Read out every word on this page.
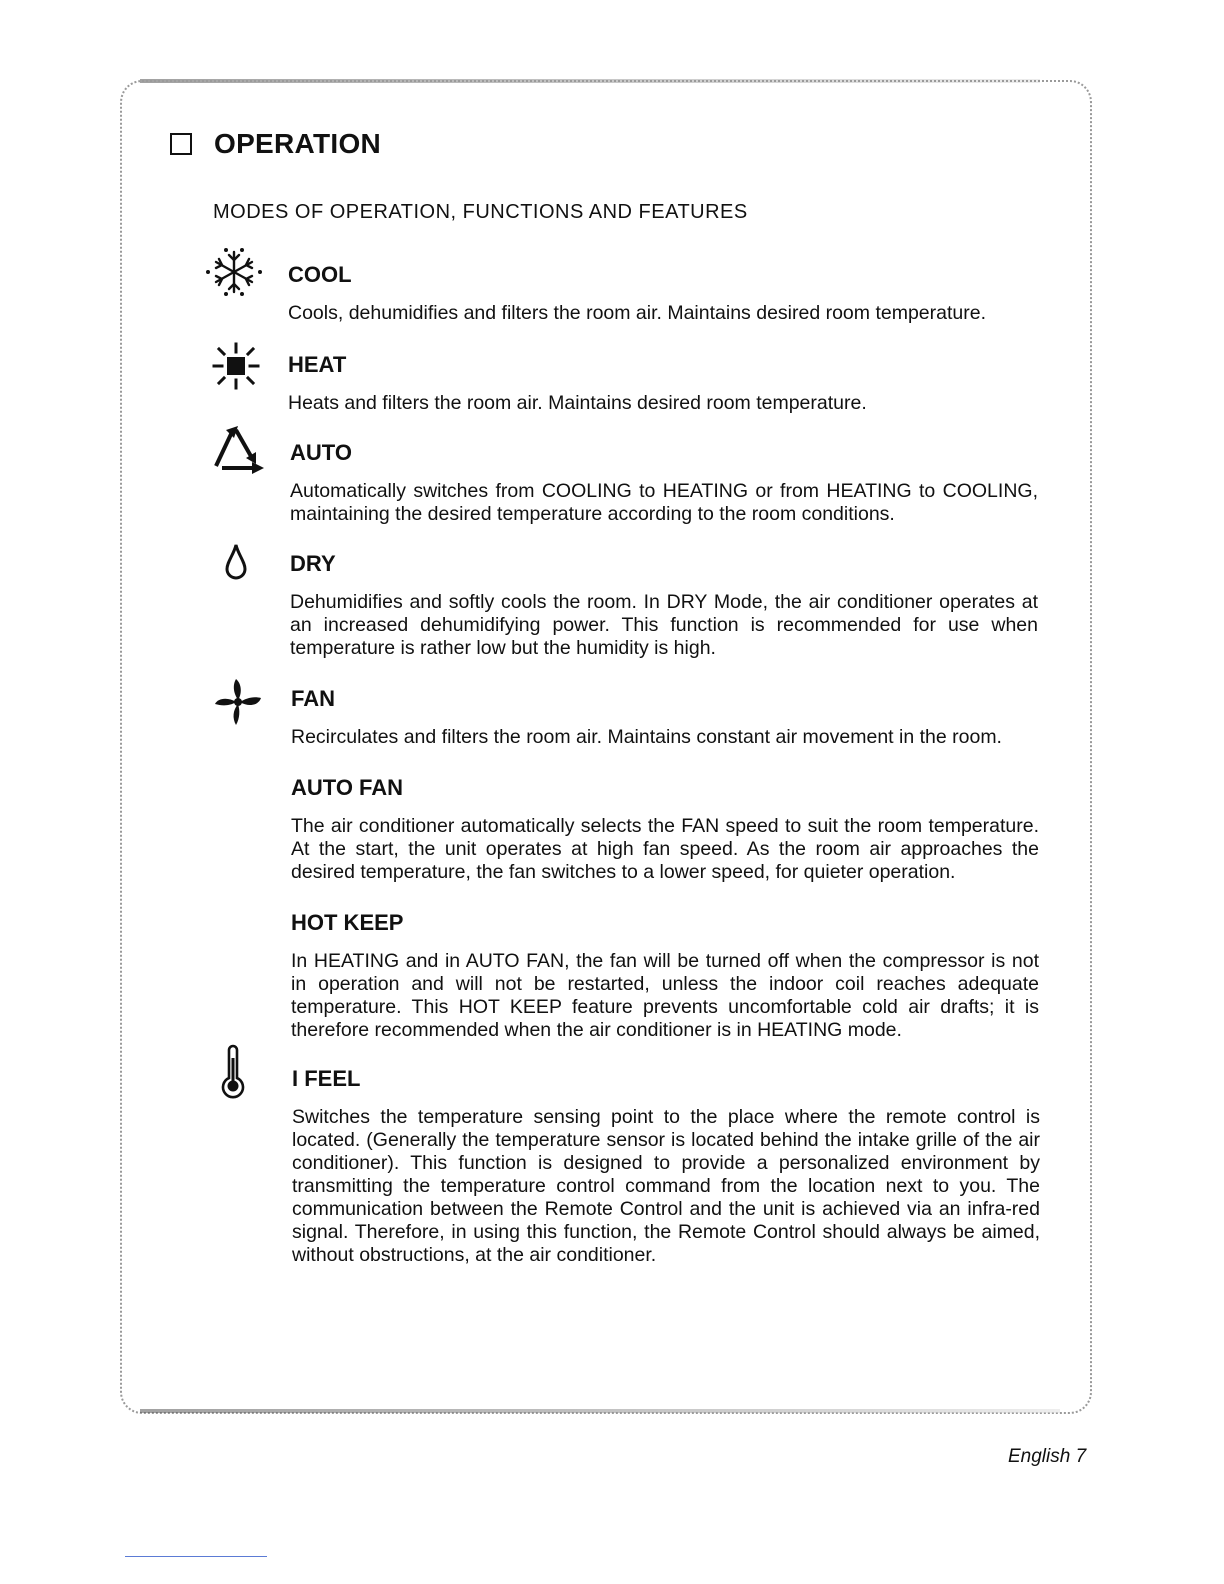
OPERATION
MODES OF OPERATION, FUNCTIONS AND FEATURES

COOL

Cools, dehumidifies and filters the room air. Maintains desired room temperature.

HEAT

Heats and filters the room air. Maintains desired room temperature.

AUTO

Automatically switches from COOLING to HEATING or from HEATING to COOLING, maintaining the desired temperature according to the room conditions.

DRY

Dehumidifies and softly cools the room. In DRY Mode, the air conditioner operates at an increased dehumidifying power. This function is recommended for use when temperature is rather low but the humidity is high.

FAN

Recirculates and filters the room air. Maintains constant air movement in the room.

AUTO FAN

The air conditioner automatically selects the FAN speed to suit the room temperature. At the start, the unit operates at high fan speed. As the room air approaches the desired temperature, the fan switches to a lower speed, for quieter operation.

HOT KEEP

In HEATING and in AUTO FAN, the fan will be turned off when the compressor is not in operation and will not be restarted, unless the indoor coil reaches adequate temperature. This HOT KEEP feature prevents uncomfortable cold air drafts; it is therefore recommended when the air conditioner is in HEATING mode.

I FEEL

Switches the temperature sensing point to the place where the remote control is located. (Generally the temperature sensor is located behind the intake grille of the air conditioner). This function is designed to provide a personalized environment by transmitting the temperature control command from the location next to you. The communication between the Remote Control and the unit is achieved via an infra-red signal. Therefore, in using this function, the Remote Control should always be aimed, without obstructions, at the air conditioner.

English 7
